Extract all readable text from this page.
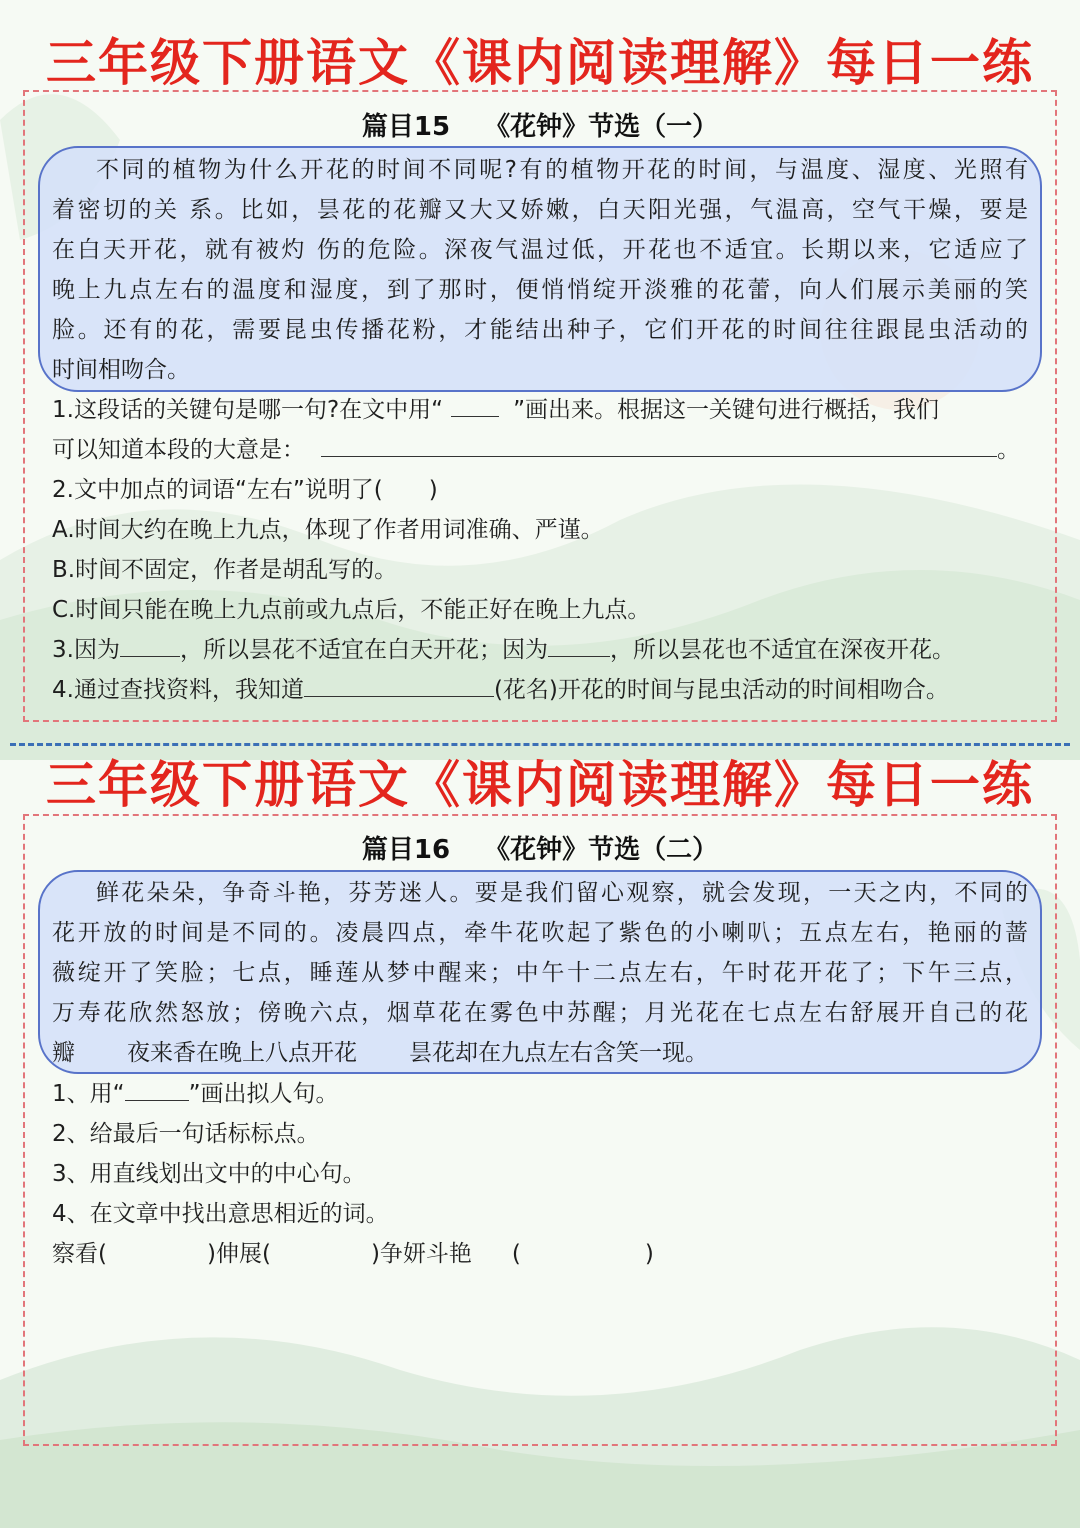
三年级下册语文《课内阅读理解》每日一练
篇目15 《花钟》节选（一）
不同的植物为什么开花的时间不同呢?有的植物开花的时间，与温度、湿度、光照有
着密切的关 系。比如，昙花的花瓣又大又娇嫩，白天阳光强，气温高，空气干燥，要是
在白天开花，就有被灼 伤的危险。深夜气温过低，开花也不适宜。长期以来，它适应了
晚上九点左右的温度和湿度，到了那时，便悄悄绽开淡雅的花蕾，向人们展示美丽的笑
脸。还有的花，需要昆虫传播花粉，才能结出种子，它们开花的时间往往跟昆虫活动的
时间相吻合。
1.这段话的关键句是哪一句?在文中用“	”画出来。根据这一关键句进行概括，我们
可以知道本段的大意是：	。
2.文中加点的词语“左右”说明了(　　)
A.时间大约在晚上九点，体现了作者用词准确、严谨。
B.时间不固定，作者是胡乱写的。
C.时间只能在晚上九点前或九点后，不能正好在晚上九点。
3.因为	，所以昙花不适宜在白天开花；因为	，所以昙花也不适宜在深夜开花。
4.通过查找资料，我知道	(花名)开花的时间与昆虫活动的时间相吻合。
三年级下册语文《课内阅读理解》每日一练
篇目16 《花钟》节选（二）
鲜花朵朵，争奇斗艳，芬芳迷人。要是我们留心观察，就会发现，一天之内，不同的
花开放的时间是不同的。凌晨四点，牵牛花吹起了紫色的小喇叭；五点左右，艳丽的蔷
薇绽开了笑脸；七点，睡莲从梦中醒来；中午十二点左右，午时花开花了；下午三点，
万寿花欣然怒放；傍晚六点，烟草花在雾色中苏醒；月光花在七点左右舒展开自己的花
瓣 夜来香在晚上八点开花 昙花却在九点左右含笑一现。
1、用“	”画出拟人句。
2、给最后一句话标标点。
3、用直线划出文中的中心句。
4、在文章中找出意思相近的词。
察看(	)伸展(	)争妍斗艳 (	)
